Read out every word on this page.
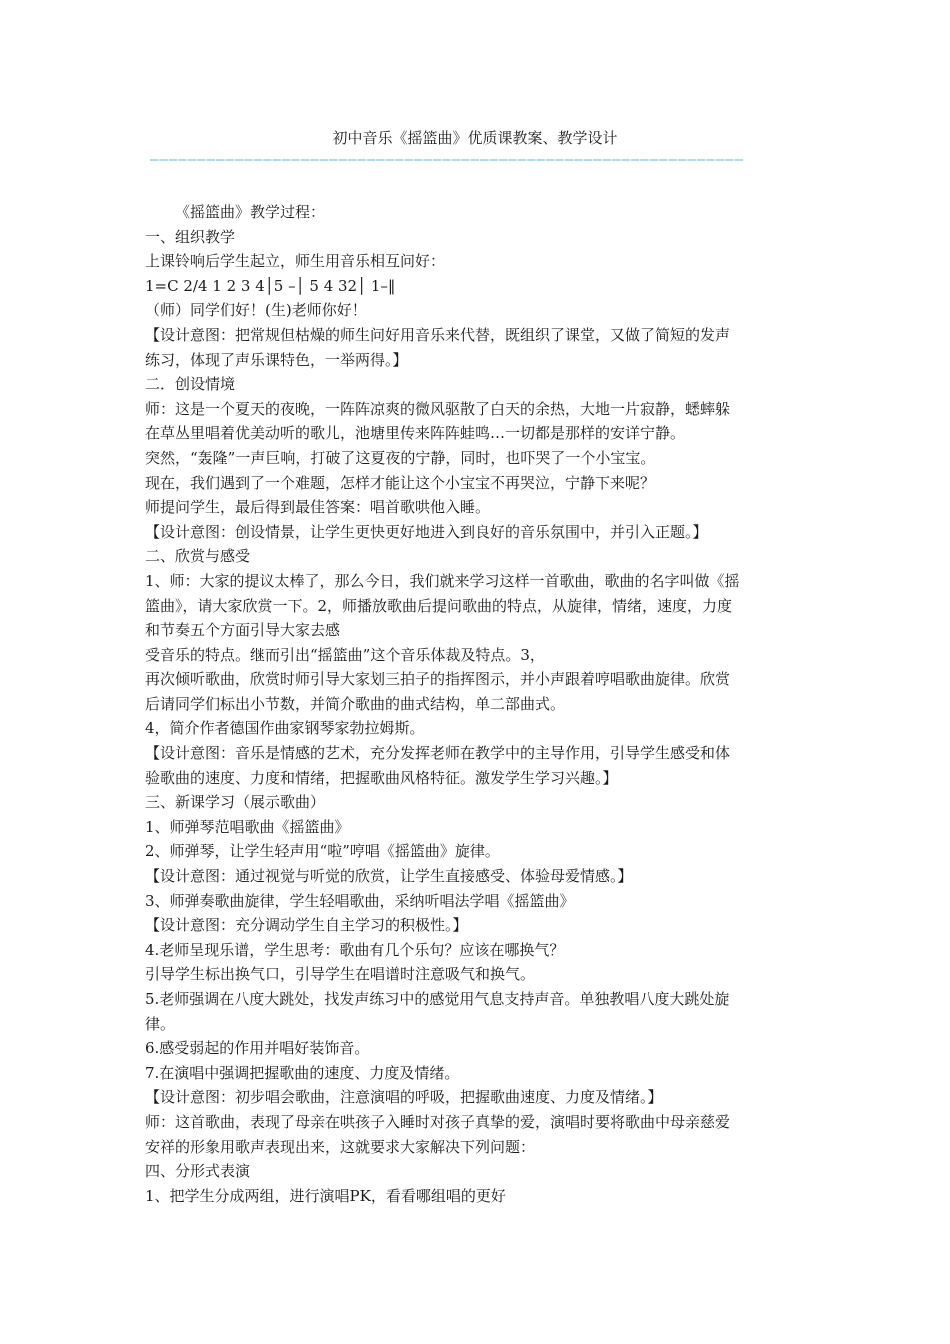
初中音乐《摇篮曲》优质课教案、教学设计
———————————————————————————————————————————————————————————————

《摇篮曲》教学过程：

一、组织教学

上课铃响后学生起立，师生用音乐相互问好：

1=C 2/4 1 2 3 4│5 –│ 5 4 32│ 1–‖

（师）同学们好！(生)老师你好！

【设计意图：把常规但枯燥的师生问好用音乐来代替，既组织了课堂，又做了简短的发声

练习，体现了声乐课特色，一举两得。】

二．创设情境

师：这是一个夏天的夜晚，一阵阵凉爽的微风驱散了白天的余热，大地一片寂静，蟋蟀躲

在草丛里唱着优美动听的歌儿，池塘里传来阵阵蛙鸣…一切都是那样的安详宁静。

突然，“轰隆”一声巨响，打破了这夏夜的宁静，同时，也吓哭了一个小宝宝。

现在，我们遇到了一个难题，怎样才能让这个小宝宝不再哭泣，宁静下来呢？

师提问学生，最后得到最佳答案：唱首歌哄他入睡。

【设计意图：创设情景，让学生更快更好地进入到良好的音乐氛围中，并引入正题。】

二、欣赏与感受

1、师：大家的提议太棒了，那么今日，我们就来学习这样一首歌曲，歌曲的名字叫做《摇

篮曲》，请大家欣赏一下。2，师播放歌曲后提问歌曲的特点，从旋律，情绪，速度，力度

和节奏五个方面引导大家去感

受音乐的特点。继而引出“摇篮曲”这个音乐体裁及特点。3，

再次倾听歌曲，欣赏时师引导大家划三拍子的指挥图示，并小声跟着哼唱歌曲旋律。欣赏

后请同学们标出小节数，并简介歌曲的曲式结构，单二部曲式。

4，简介作者德国作曲家钢琴家勃拉姆斯。

【设计意图：音乐是情感的艺术，充分发挥老师在教学中的主导作用，引导学生感受和体

验歌曲的速度、力度和情绪，把握歌曲风格特征。激发学生学习兴趣。】

三、新课学习（展示歌曲）

1、师弹琴范唱歌曲《摇篮曲》

2、师弹琴，让学生轻声用“啦”哼唱《摇篮曲》旋律。

【设计意图：通过视觉与听觉的欣赏，让学生直接感受、体验母爱情感。】

3、师弹奏歌曲旋律，学生轻唱歌曲，采纳听唱法学唱《摇篮曲》

【设计意图：充分调动学生自主学习的积极性。】

4.老师呈现乐谱，学生思考：歌曲有几个乐句？应该在哪换气？

引导学生标出换气口，引导学生在唱谱时注意吸气和换气。

5.老师强调在八度大跳处，找发声练习中的感觉用气息支持声音。单独教唱八度大跳处旋

律。

6.感受弱起的作用并唱好装饰音。

7.在演唱中强调把握歌曲的速度、力度及情绪。

【设计意图：初步唱会歌曲，注意演唱的呼吸，把握歌曲速度、力度及情绪。】

师：这首歌曲，表现了母亲在哄孩子入睡时对孩子真挚的爱，演唱时要将歌曲中母亲慈爱

安祥的形象用歌声表现出来，这就要求大家解决下列问题：

四、分形式表演

1、把学生分成两组，进行演唱PK，看看哪组唱的更好
